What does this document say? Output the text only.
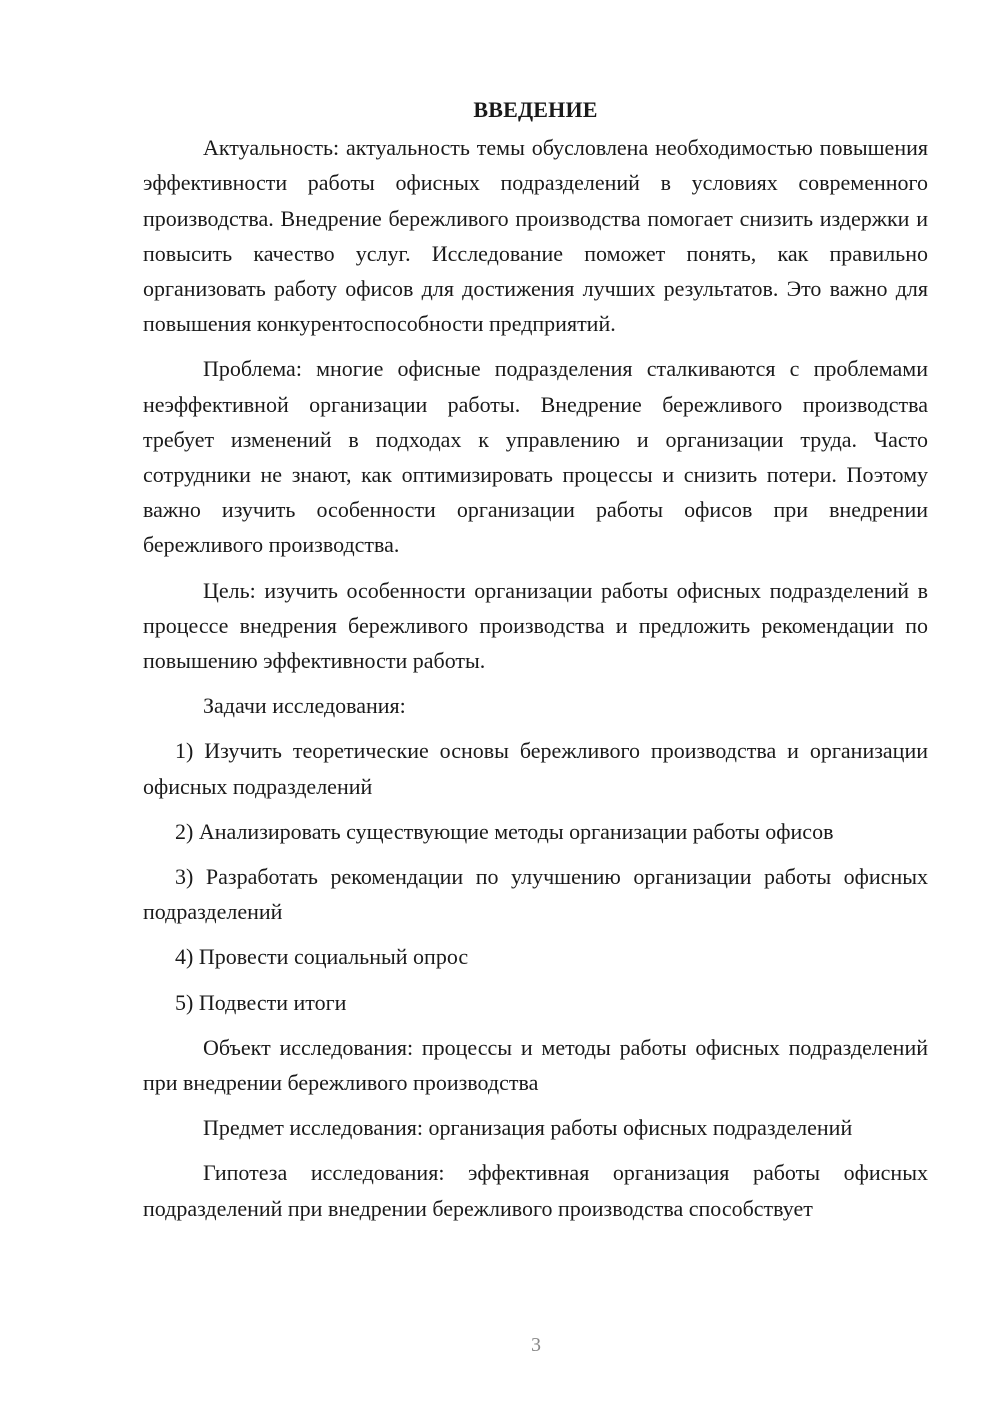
ВВЕДЕНИЕ

Актуальность: актуальность темы обусловлена необходимостью повышения эффективности работы офисных подразделений в условиях современного производства. Внедрение бережливого производства помогает снизить издержки и повысить качество услуг. Исследование поможет понять, как правильно организовать работу офисов для достижения лучших результатов. Это важно для повышения конкурентоспособности предприятий.

Проблема: многие офисные подразделения сталкиваются с проблемами неэффективной организации работы. Внедрение бережливого производства требует изменений в подходах к управлению и организации труда. Часто сотрудники не знают, как оптимизировать процессы и снизить потери. Поэтому важно изучить особенности организации работы офисов при внедрении бережливого производства.

Цель: изучить особенности организации работы офисных подразделений в процессе внедрения бережливого производства и предложить рекомендации по повышению эффективности работы.

Задачи исследования:

1) Изучить теоретические основы бережливого производства и организации офисных подразделений

2) Анализировать существующие методы организации работы офисов

3) Разработать рекомендации по улучшению организации работы офисных подразделений

4) Провести социальный опрос

5) Подвести итоги

Объект исследования: процессы и методы работы офисных подразделений при внедрении бережливого производства

Предмет исследования: организация работы офисных подразделений

Гипотеза исследования: эффективная организация работы офисных подразделений при внедрении бережливого производства способствует

3
